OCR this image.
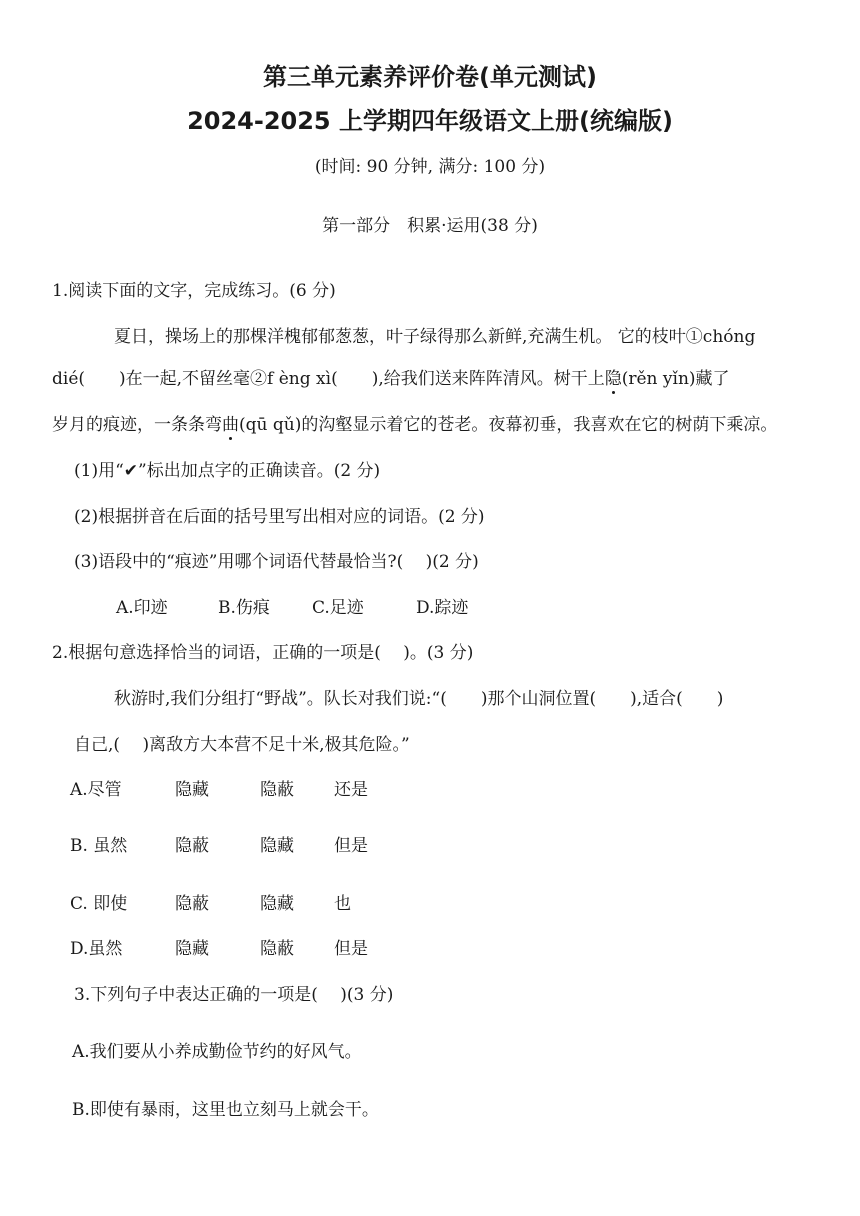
第三单元素养评价卷(单元测试)
2024-2025 上学期四年级语文上册(统编版)
(时间: 90 分钟, 满分: 100 分)
第一部分　积累·运用(38 分)
1.阅读下面的文字，完成练习。(6 分)
夏日，操场上的那棵洋槐郁郁葱葱，叶子绿得那么新鲜,充满生机。 它的枝叶①chóng
dié(　　)在一起,不留丝毫②f èng xì(　　),给我们送来阵阵清风。树干上隐(rěn yǐn)藏了
岁月的痕迹，一条条弯曲(qū qǔ)的沟壑显示着它的苍老。夜幕初垂，我喜欢在它的树荫下乘凉。
(1)用“✔”标出加点字的正确读音。(2 分)
(2)根据拼音在后面的括号里写出相对应的词语。(2 分)
(3)语段中的“痕迹”用哪个词语代替最恰当?(　 )(2 分)
A.印迹	B.伤痕 C.足迹	D.踪迹
2.根据句意选择恰当的词语，正确的一项是(　 )。(3 分)
秋游时,我们分组打“野战”。队长对我们说:“(　　)那个山洞位置(　　),适合(　　)
自己,(　 )离敌方大本营不足十米,极其危险。”
A.尽管	隐藏	隐蔽 还是
B. 虽然	隐蔽	隐藏 但是
C. 即使	隐蔽	隐藏 也
D.虽然	隐藏	隐蔽 但是
3.下列句子中表达正确的一项是(　 )(3 分)
A.我们要从小养成勤俭节约的好风气。
B.即使有暴雨，这里也立刻马上就会干。
